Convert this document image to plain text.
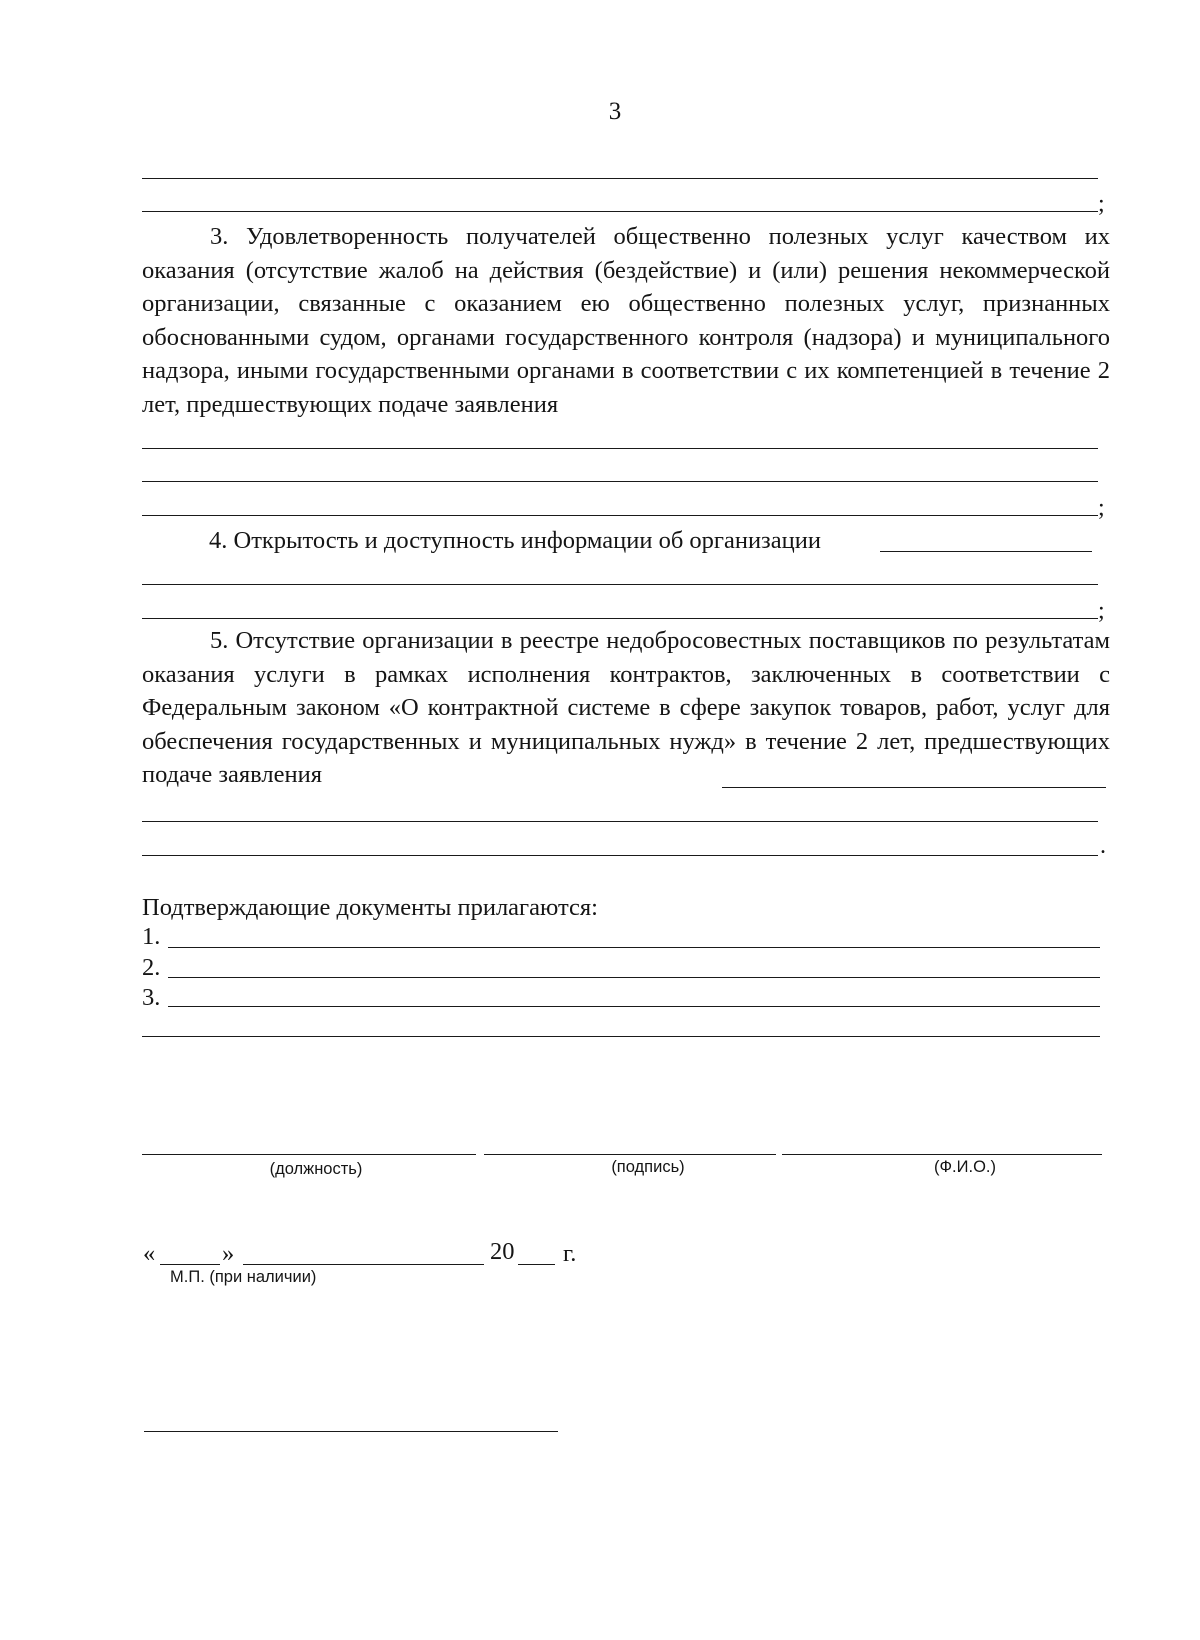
3
;
3. Удовлетворенность получателей общественно полезных услуг качеством их оказания (отсутствие жалоб на действия (бездействие) и (или) решения некоммерческой организации, связанные с оказанием ею общественно полезных услуг, признанных обоснованными судом, органами государственного контроля (надзора) и муниципального надзора, иными государственными органами в соответствии с их компетенцией в течение 2 лет, предшествующих подаче заявления
;
4. Открытость и доступность информации об организации
;
5. Отсутствие организации в реестре недобросовестных поставщиков по результатам оказания услуги в рамках исполнения контрактов, заключенных в соответствии с Федеральным законом «О контрактной системе в сфере закупок товаров, работ, услуг для обеспечения государственных и муниципальных нужд» в течение 2 лет, предшествующих подаче заявления
.
Подтверждающие документы прилагаются:
1.
2.
3.
(должность)	(подпись)	(Ф.И.О.)
«	»	20 г.
М.П. (при наличии)
